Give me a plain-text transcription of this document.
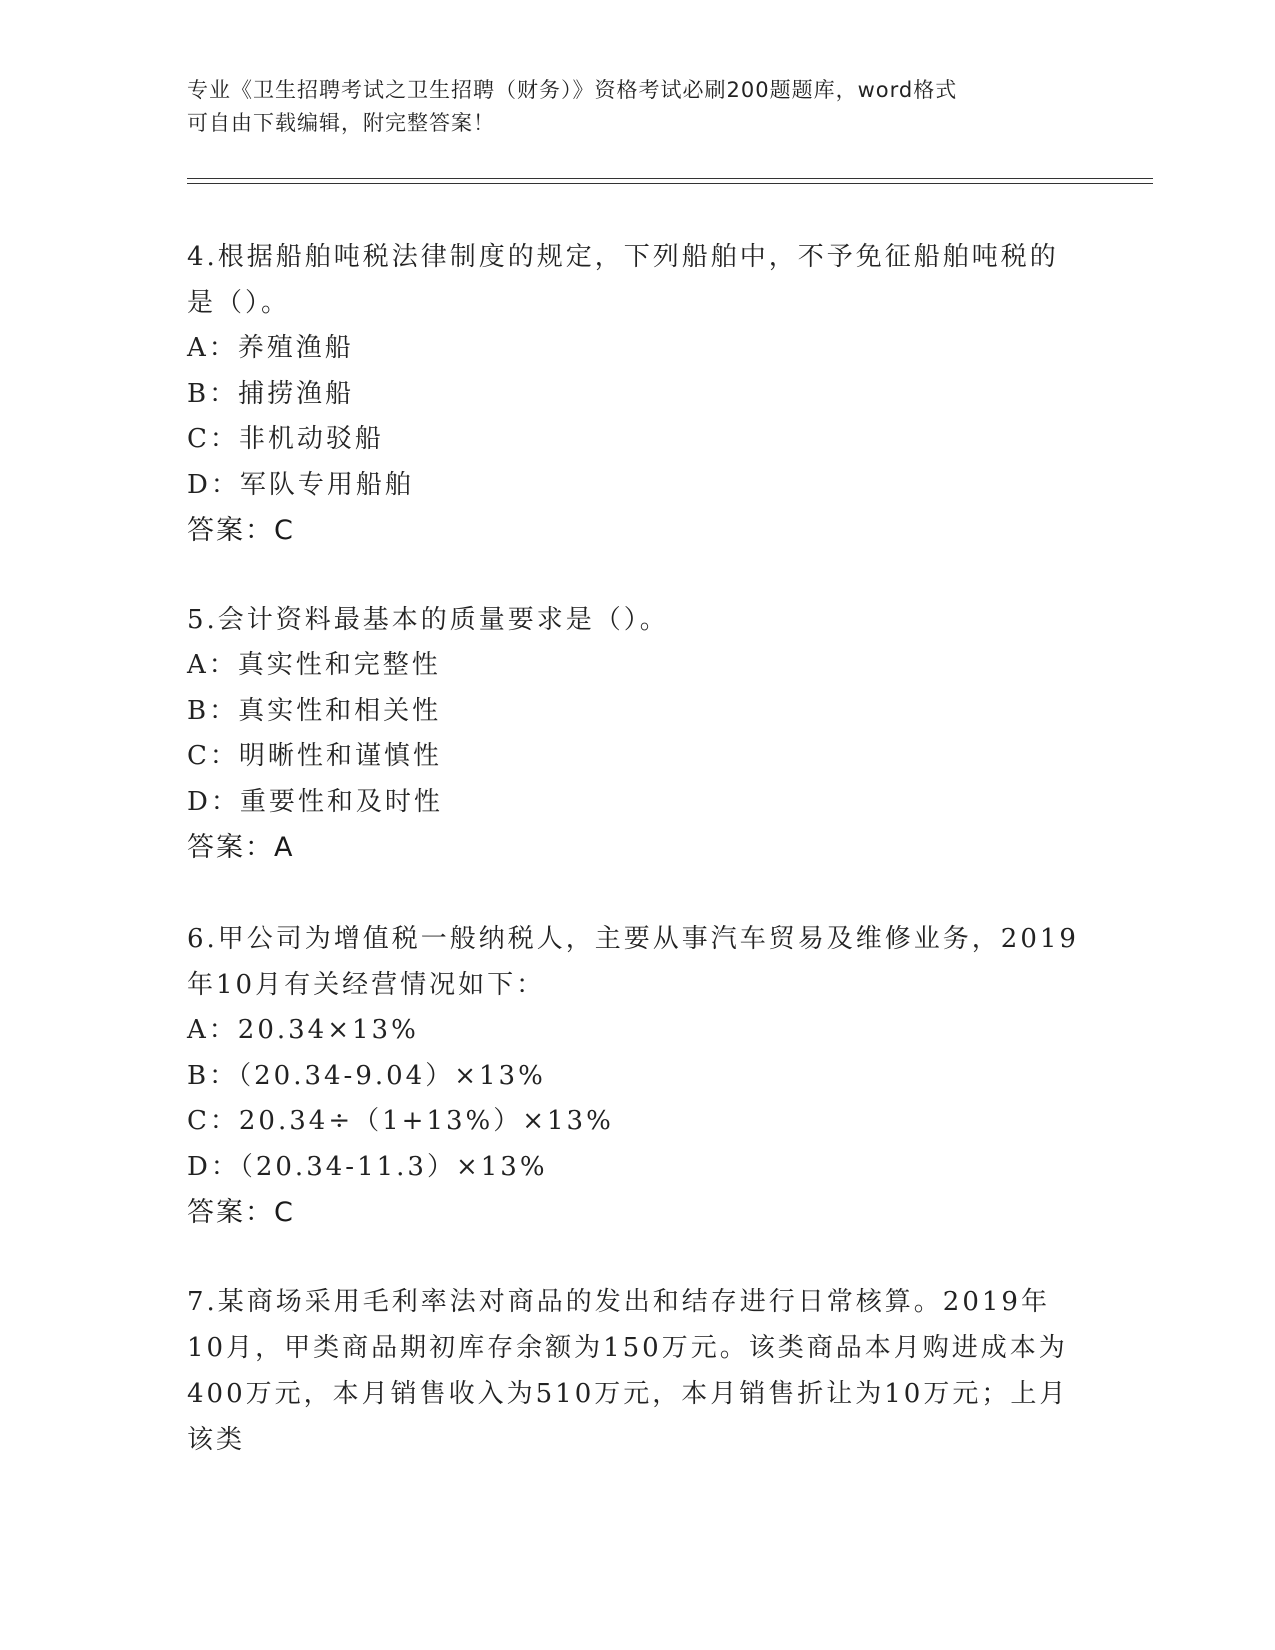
专业《卫生招聘考试之卫生招聘（财务）》资格考试必刷200题题库，word格式
可自由下载编辑，附完整答案！

4.根据船舶吨税法律制度的规定，下列船舶中，不予免征船舶吨税的是（）。

A：养殖渔船

B：捕捞渔船

C：非机动驳船

D：军队专用船舶

答案：C

5.会计资料最基本的质量要求是（）。

A：真实性和完整性

B：真实性和相关性

C：明晰性和谨慎性

D：重要性和及时性

答案：A

6.甲公司为增值税一般纳税人，主要从事汽车贸易及维修业务，2019年10月有关经营情况如下：

A：20.34×13%

B：（20.34-9.04）×13%

C：20.34÷（1+13%）×13%

D：（20.34-11.3）×13%

答案：C

7.某商场采用毛利率法对商品的发出和结存进行日常核算。2019年10月，甲类商品期初库存余额为150万元。该类商品本月购进成本为400万元，本月销售收入为510万元，本月销售折让为10万元；上月该类
